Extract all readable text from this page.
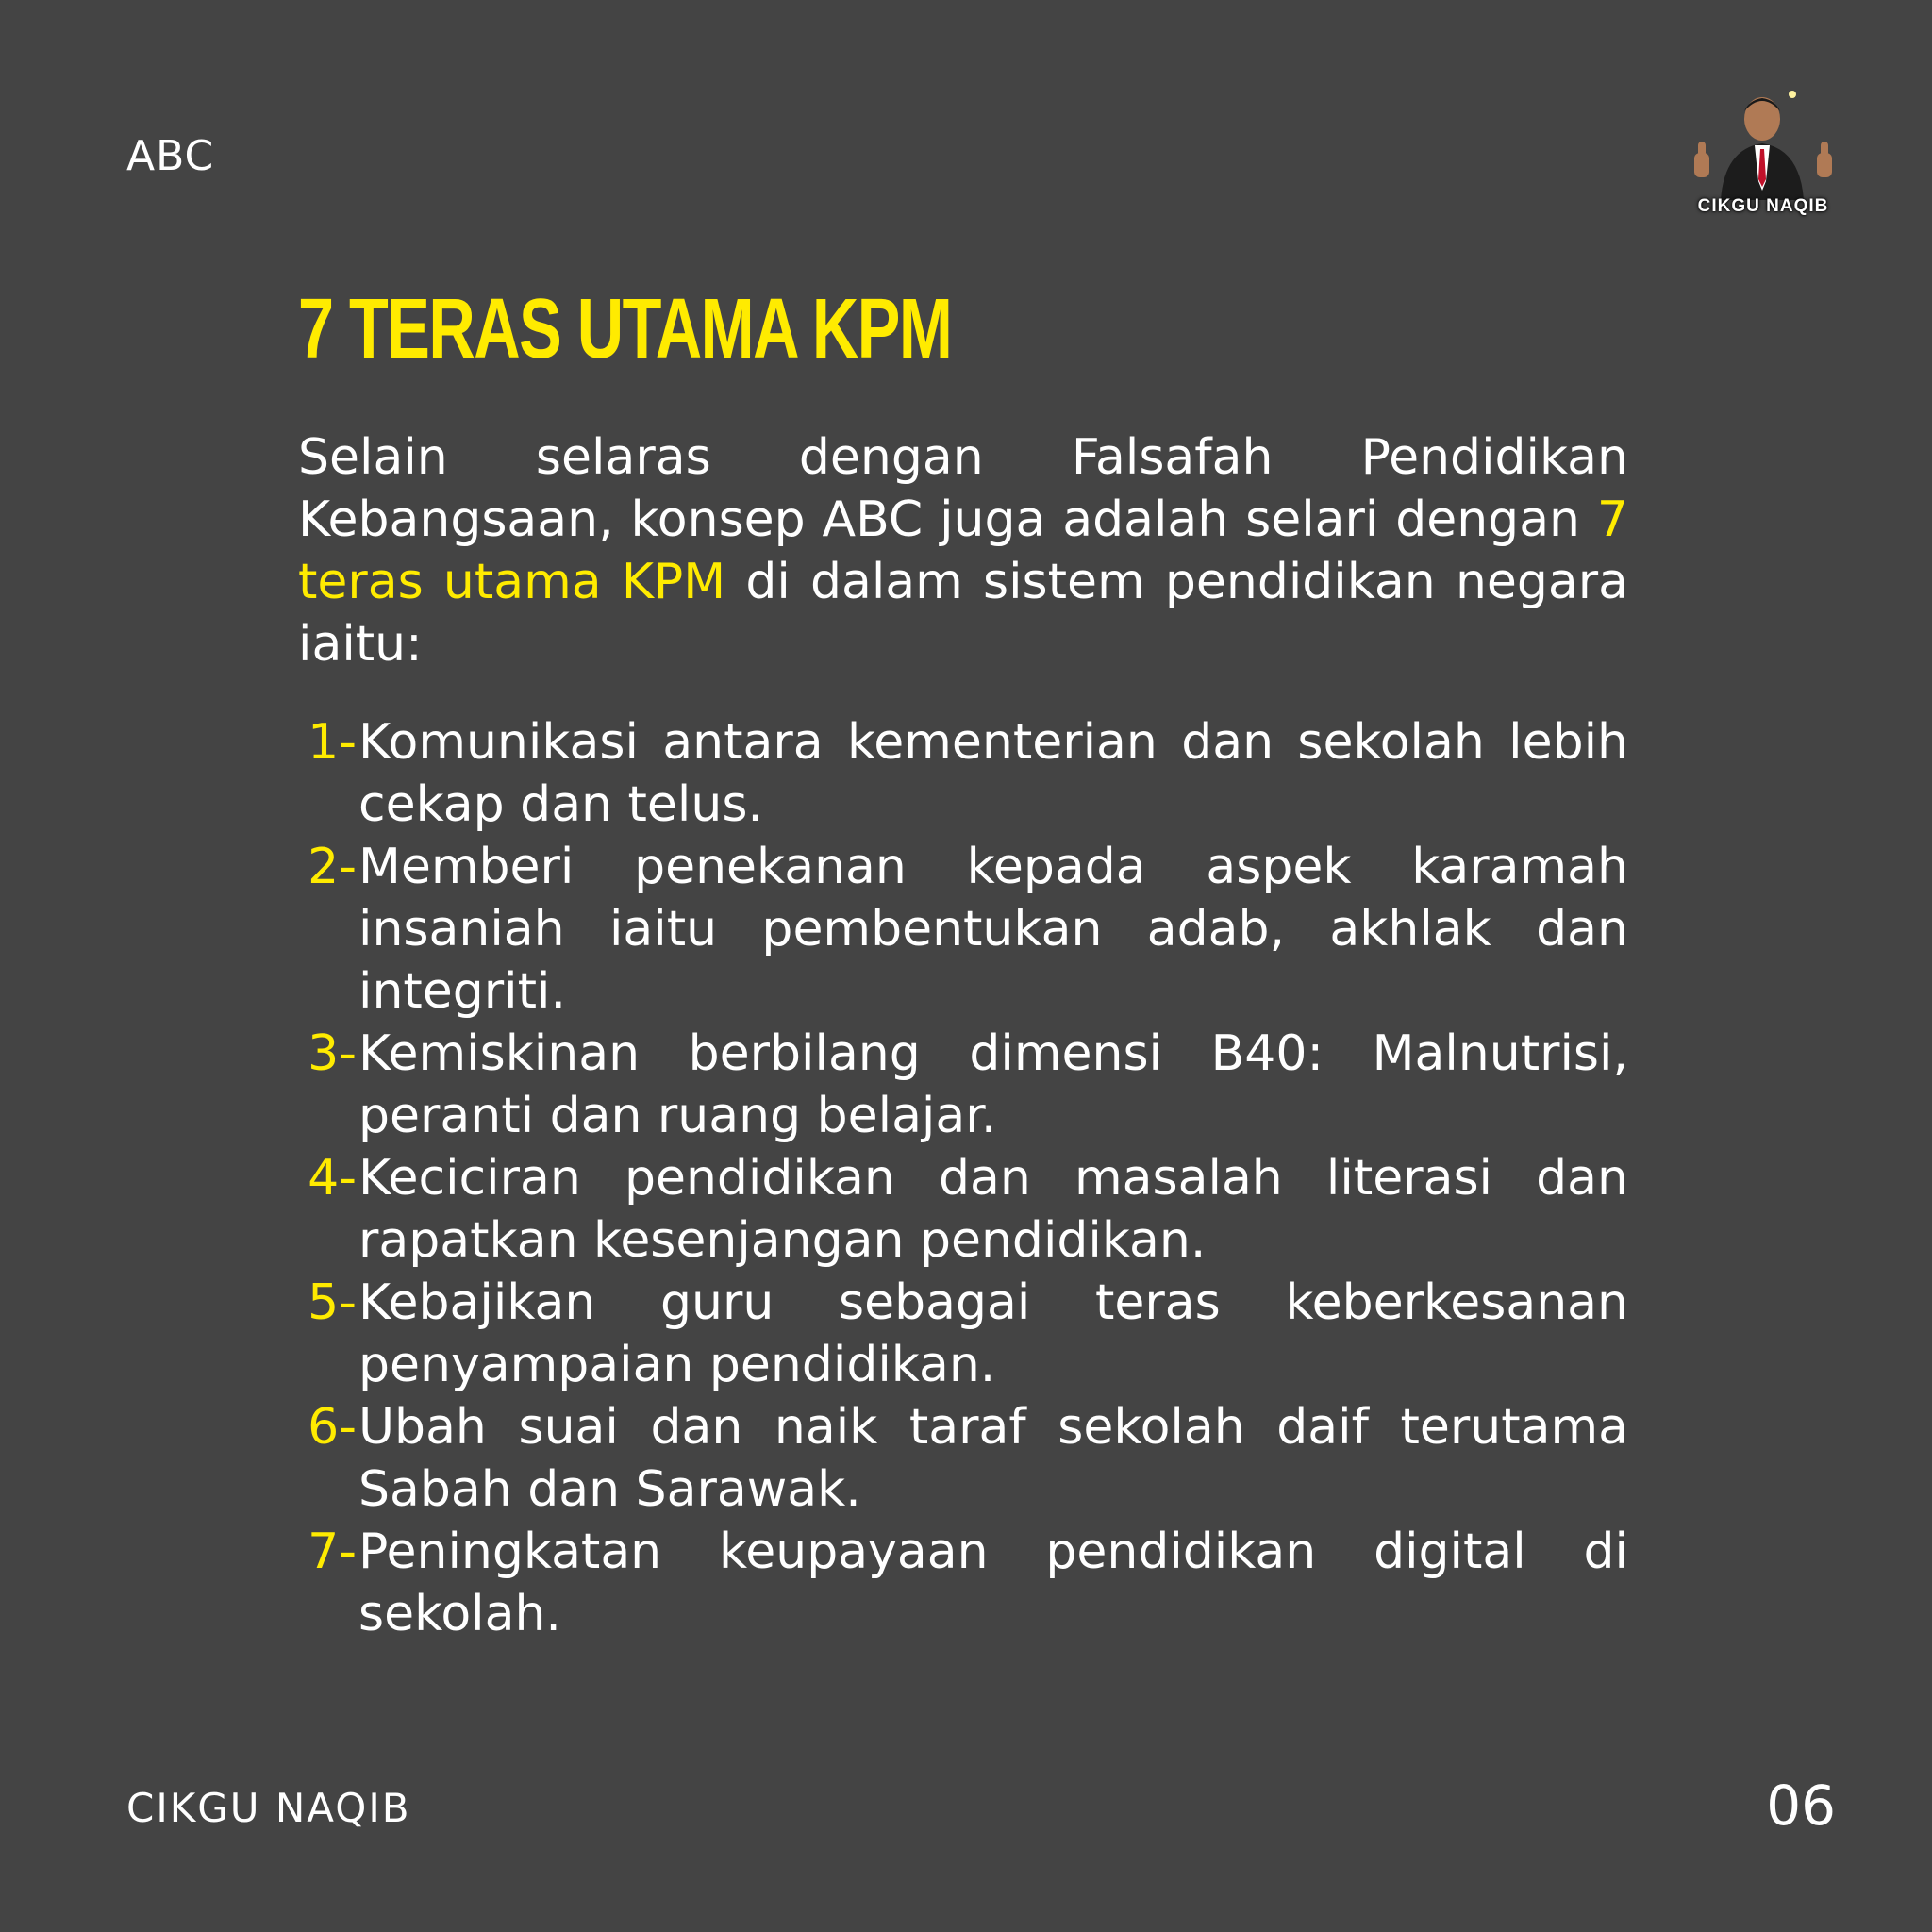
ABC
CIKGU NAQIB
7 TERAS UTAMA KPM

Selain selaras dengan Falsafah Pendidikan Kebangsaan, konsep ABC juga adalah selari dengan 7 teras utama KPM di dalam sistem pendidikan negara iaitu:

1- Komunikasi antara kementerian dan sekolah lebih cekap dan telus.
2- Memberi penekanan kepada aspek karamah insaniah iaitu pembentukan adab, akhlak dan integriti.
3- Kemiskinan berbilang dimensi B40: Malnutrisi, peranti dan ruang belajar.
4- Keciciran pendidikan dan masalah literasi dan rapatkan kesenjangan pendidikan.
5- Kebajikan guru sebagai teras keberkesanan penyampaian pendidikan.
6- Ubah suai dan naik taraf sekolah daif terutama Sabah dan Sarawak.
7- Peningkatan keupayaan pendidikan digital di sekolah.
CIKGU NAQIB	06
